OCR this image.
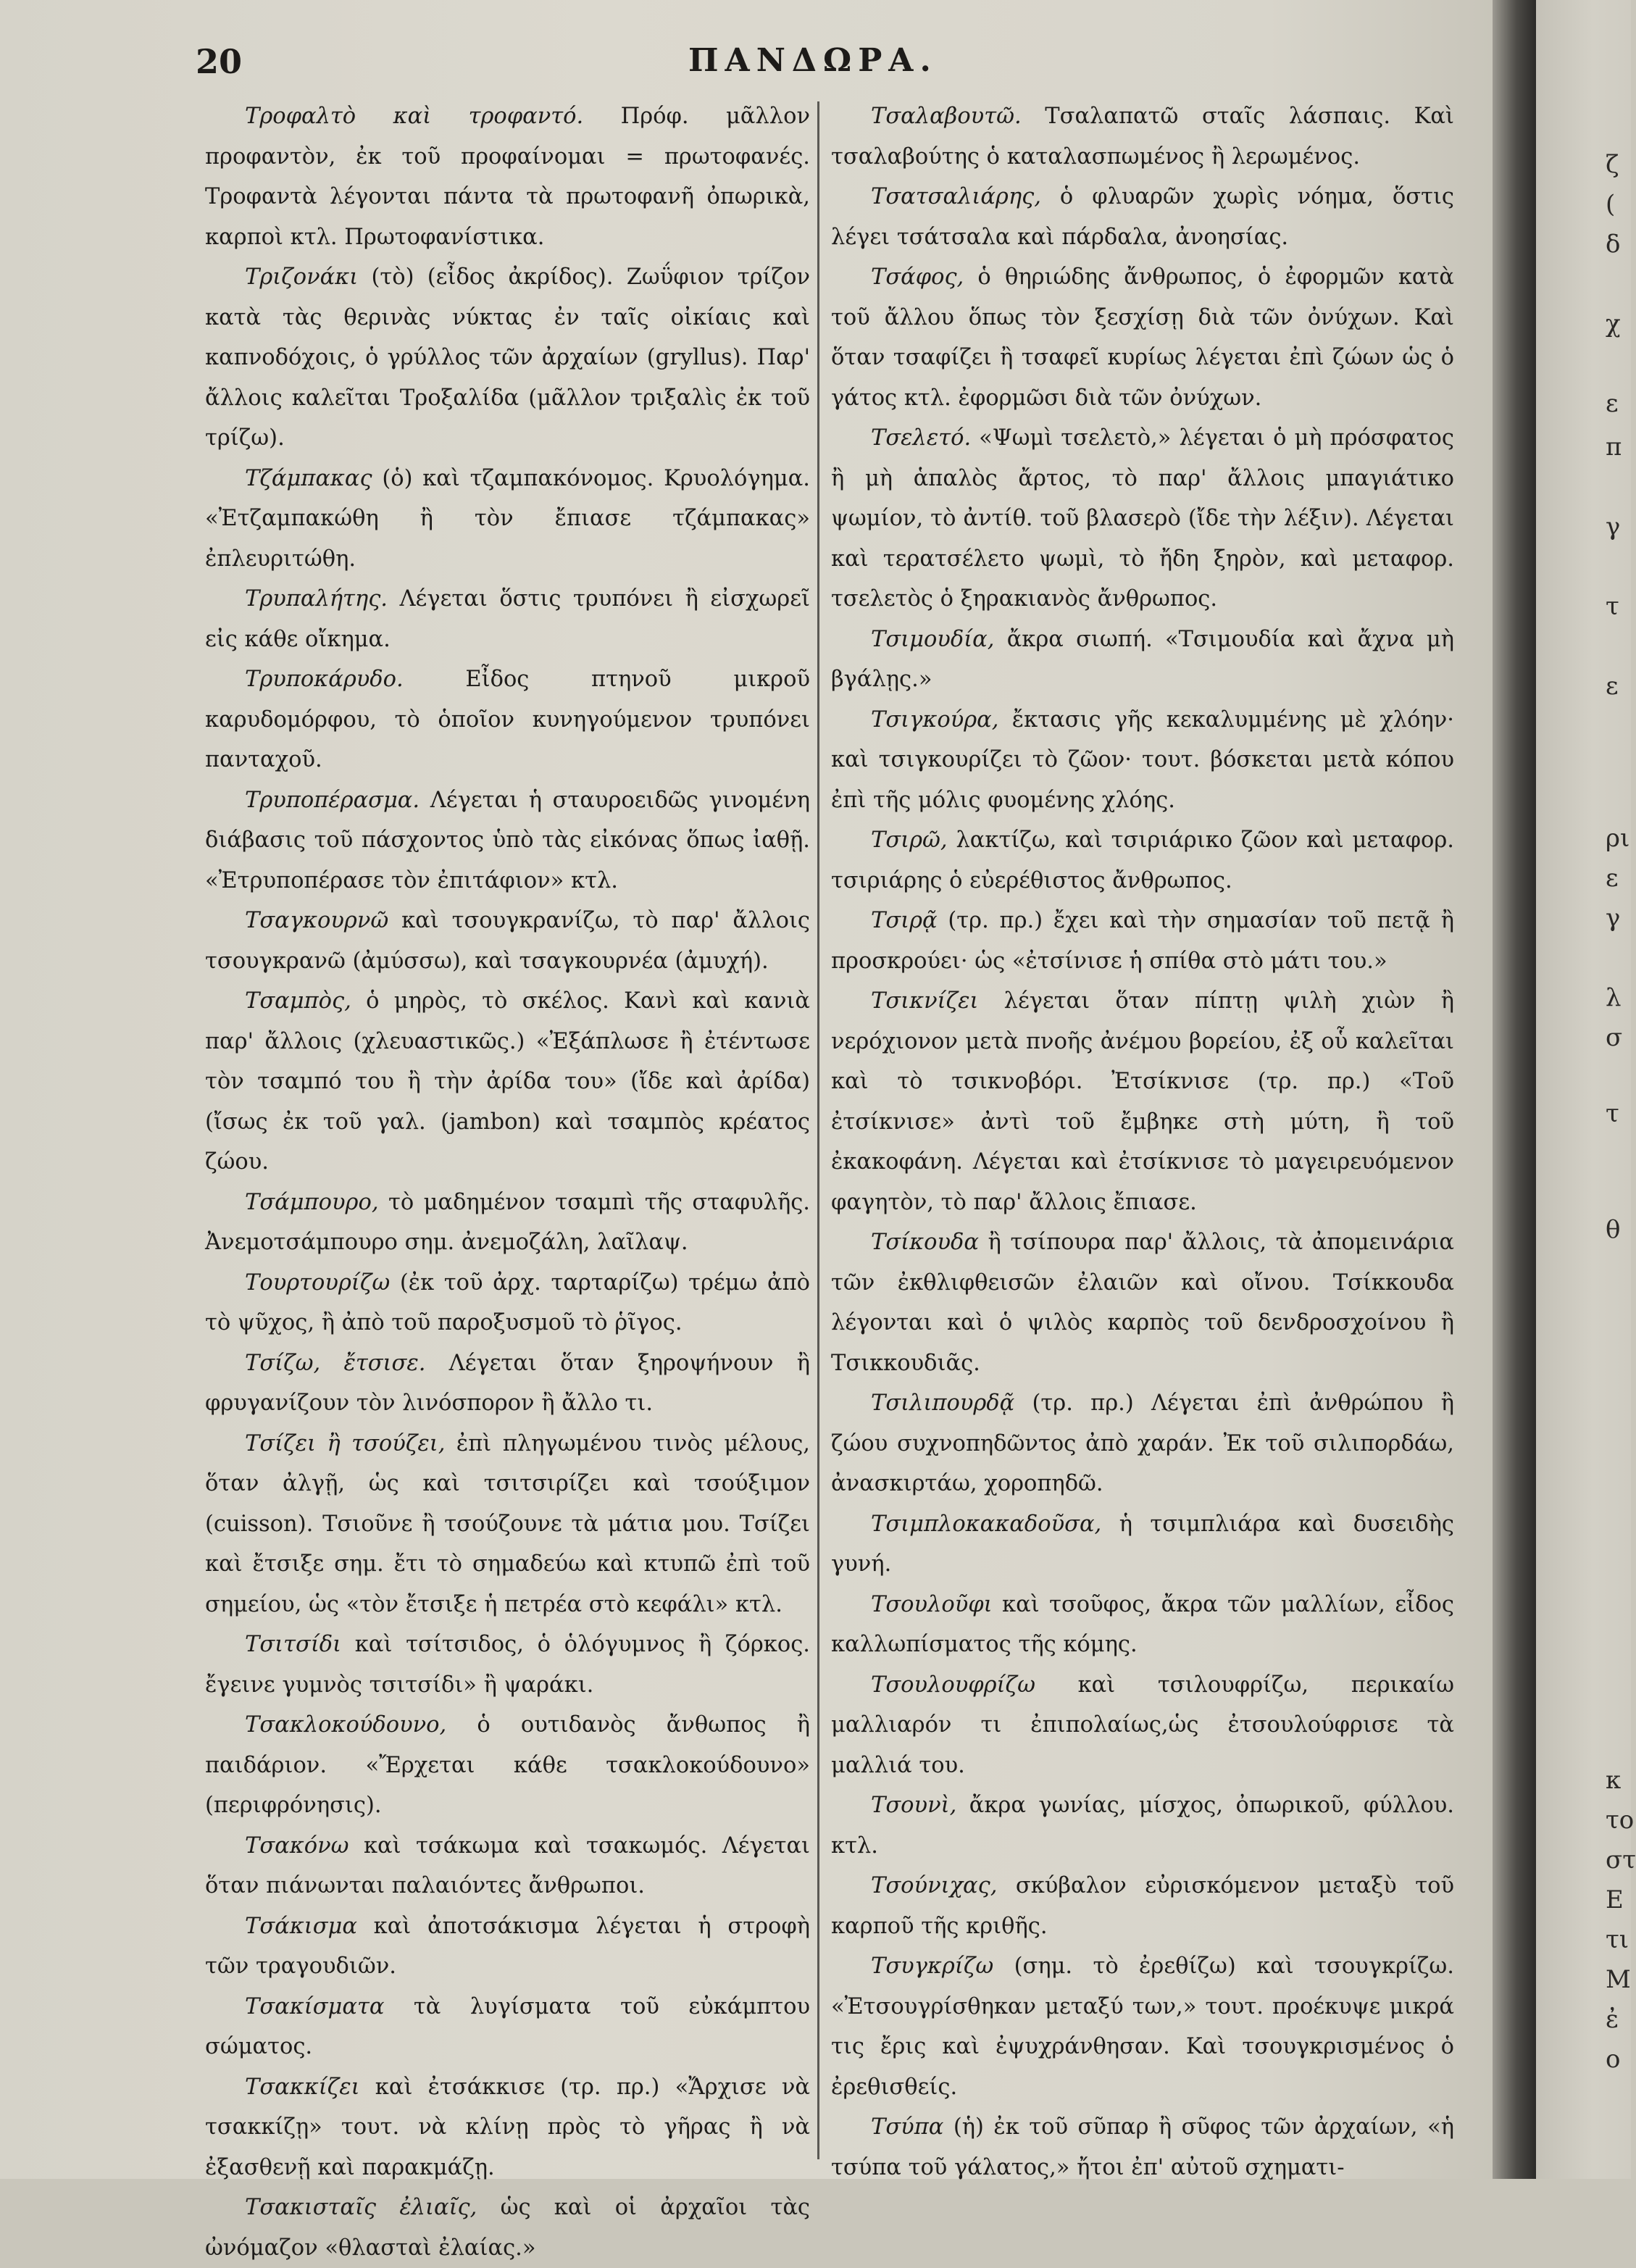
20	ΠΑΝΔΩΡΑ.

Τροφαλτὸ καὶ τροφαντό. Πρόφ. μᾶλλον προφαντὸν, ἐκ τοῦ προφαίνομαι = πρωτοφανές. Τροφαντὰ λέγονται πάντα τὰ πρωτοφανῆ ὀπωρικὰ, καρποὶ κτλ. Πρωτοφανίστικα.

Τριζονάκι (τὸ) (εἶδος ἀκρίδος). Ζωΰφιον τρίζον κατὰ τὰς θερινὰς νύκτας ἐν ταῖς οἰκίαις καὶ καπνοδόχοις, ὁ γρύλλος τῶν ἀρχαίων (gryllus). Παρ' ἄλλοις καλεῖται Τροξαλίδα (μᾶλλον τριξαλὶς ἐκ τοῦ τρίζω).

Τζάμπακας (ὁ) καὶ τζαμπακόνομος. Κρυολόγημα. «Ἐτζαμπακώθη ἢ τὸν ἔπιασε τζάμπακας» ἐπλευριτώθη.

Τρυπαλήτης. Λέγεται ὅστις τρυπόνει ἢ εἰσχωρεῖ εἰς κάθε οἴκημα.

Τρυποκάρυδο. Εἶδος πτηνοῦ μικροῦ καρυδομόρφου, τὸ ὁποῖον κυνηγούμενον τρυπόνει πανταχοῦ.

Τρυποπέρασμα. Λέγεται ἡ σταυροειδῶς γινομένη διάβασις τοῦ πάσχοντος ὑπὸ τὰς εἰκόνας ὅπως ἰαθῇ. «Ἐτρυποπέρασε τὸν ἐπιτάφιον» κτλ.

Τσαγκουρνῶ καὶ τσουγκρανίζω, τὸ παρ' ἄλλοις τσουγκρανῶ (ἀμύσσω), καὶ τσαγκουρνέα (ἀμυχή).

Τσαμπὸς, ὁ μηρὸς, τὸ σκέλος. Κανὶ καὶ κανιὰ παρ' ἄλλοις (χλευαστικῶς.) «Ἐξάπλωσε ἢ ἐτέντωσε τὸν τσαμπό του ἢ τὴν ἀρίδα του» (ἴδε καὶ ἀρίδα) (ἴσως ἐκ τοῦ γαλ. (jambon) καὶ τσαμπὸς κρέατος ζώου.

Τσάμπουρο, τὸ μαδημένον τσαμπὶ τῆς σταφυλῆς. Ἀνεμοτσάμπουρο σημ. ἀνεμοζάλη, λαῖλαψ.

Τουρτουρίζω (ἐκ τοῦ ἀρχ. ταρταρίζω) τρέμω ἀπὸ τὸ ψῦχος, ἢ ἀπὸ τοῦ παροξυσμοῦ τὸ ῥῖγος.

Τσίζω, ἔτσισε. Λέγεται ὅταν ξηροψήνουν ἢ φρυγανίζουν τὸν λινόσπορον ἢ ἄλλο τι.

Τσίζει ἢ τσούζει, ἐπὶ πληγωμένου τινὸς μέλους, ὅταν ἀλγῇ, ὡς καὶ τσιτσιρίζει καὶ τσούξιμον (cuisson). Τσιοῦνε ἢ τσούζουνε τὰ μάτια μου. Τσίζει καὶ ἔτσιξε σημ. ἔτι τὸ σημαδεύω καὶ κτυπῶ ἐπὶ τοῦ σημείου, ὡς «τὸν ἔτσιξε ἡ πετρέα στὸ κεφάλι» κτλ.

Τσιτσίδι καὶ τσίτσιδος, ὁ ὁλόγυμνος ἢ ζόρκος. ἔγεινε γυμνὸς τσιτσίδι» ἢ ψαράκι.

Τσακλοκούδουνο, ὁ ουτιδανὸς ἄνθωπος ἢ παιδάριον. «Ἔρχεται κάθε τσακλοκούδουνο» (περιφρόνησις).

Τσακόνω καὶ τσάκωμα καὶ τσακωμός. Λέγεται ὅταν πιάνωνται παλαιόντες ἄνθρωποι.

Τσάκισμα καὶ ἀποτσάκισμα λέγεται ἡ στροφὴ τῶν τραγουδιῶν.

Τσακίσματα τὰ λυγίσματα τοῦ εὐκάμπτου σώματος.

Τσακκίζει καὶ ἐτσάκκισε (τρ. πρ.) «Ἄρχισε νὰ τσακκίζῃ» τουτ. νὰ κλίνῃ πρὸς τὸ γῆρας ἢ νὰ ἐξασθενῇ καὶ παρακμάζῃ.

Τσακισταῖς ἐλιαῖς, ὡς καὶ οἱ ἀρχαῖοι τὰς ὠνόμαζον «θλασταὶ ἐλαίας.»

Τσαλαβουτῶ. Τσαλαπατῶ σταῖς λάσπαις. Καὶ τσαλαβούτης ὁ καταλασπωμένος ἢ λερωμένος.

Τσατσαλιάρης, ὁ φλυαρῶν χωρὶς νόημα, ὅστις λέγει τσάτσαλα καὶ πάρδαλα, ἀνοησίας.

Τσάφος, ὁ θηριώδης ἄνθρωπος, ὁ ἐφορμῶν κατὰ τοῦ ἄλλου ὅπως τὸν ξεσχίσῃ διὰ τῶν ὀνύχων. Καὶ ὅταν τσαφίζει ἢ τσαφεῖ κυρίως λέγεται ἐπὶ ζώων ὡς ὁ γάτος κτλ. ἐφορμῶσι διὰ τῶν ὀνύχων.

Τσελετό. «Ψωμὶ τσελετὸ,» λέγεται ὁ μὴ πρόσφατος ἢ μὴ ἁπαλὸς ἄρτος, τὸ παρ' ἄλλοις μπαγιάτικο ψωμίον, τὸ ἀντίθ. τοῦ βλασερὸ (ἴδε τὴν λέξιν). Λέγεται καὶ τερατσέλετο ψωμὶ, τὸ ἤδη ξηρὸν, καὶ μεταφορ. τσελετὸς ὁ ξηρακιανὸς ἄνθρωπος.

Τσιμουδία, ἄκρα σιωπή. «Τσιμουδία καὶ ἄχνα μὴ βγάλῃς.»

Τσιγκούρα, ἔκτασις γῆς κεκαλυμμένης μὲ χλόην· καὶ τσιγκουρίζει τὸ ζῶον· τουτ. βόσκεται μετὰ κόπου ἐπὶ τῆς μόλις φυομένης χλόης.

Τσιρῶ, λακτίζω, καὶ τσιριάρικο ζῶον καὶ μεταφορ. τσιριάρης ὁ εὐερέθιστος ἄνθρωπος.

Τσιρᾷ (τρ. πρ.) ἔχει καὶ τὴν σημασίαν τοῦ πετᾷ ἢ προσκρούει· ὡς «ἐτσίνισε ἡ σπίθα στὸ μάτι του.»

Τσικνίζει λέγεται ὅταν πίπτῃ ψιλὴ χιὼν ἢ νερόχιονον μετὰ πνοῆς ἀνέμου βορείου, ἐξ οὗ καλεῖται καὶ τὸ τσικνοβόρι. Ἐτσίκνισε (τρ. πρ.) «Τοῦ ἐτσίκνισε» ἀντὶ τοῦ ἔμβηκε στὴ μύτη, ἢ τοῦ ἐκακοφάνη. Λέγεται καὶ ἐτσίκνισε τὸ μαγειρευόμενον φαγητὸν, τὸ παρ' ἄλλοις ἔπιασε.

Τσίκουδα ἢ τσίπουρα παρ' ἄλλοις, τὰ ἀπομεινάρια τῶν ἐκθλιφθεισῶν ἐλαιῶν καὶ οἴνου. Τσίκκουδα λέγονται καὶ ὁ ψιλὸς καρπὸς τοῦ δενδροσχοίνου ἢ Τσικκουδιᾶς.

Τσιλιπουρδᾷ (τρ. πρ.) Λέγεται ἐπὶ ἀνθρώπου ἢ ζώου συχνοπηδῶντος ἀπὸ χαράν. Ἐκ τοῦ σιλιπορδάω, ἀνασκιρτάω, χοροπηδῶ.

Τσιμπλοκακαδοῦσα, ἡ τσιμπλιάρα καὶ δυσειδὴς γυνή.

Τσουλοῦφι καὶ τσοῦφος, ἄκρα τῶν μαλλίων, εἶδος καλλωπίσματος τῆς κόμης.

Τσουλουφρίζω καὶ τσιλουφρίζω, περικαίω μαλλιαρόν τι ἐπιπολαίως,ὡς ἐτσουλούφρισε τὰ μαλλιά του.

Τσουνὶ, ἄκρα γωνίας, μίσχος, ὀπωρικοῦ, φύλλου. κτλ.

Τσούνιχας, σκύβαλον εὐρισκόμενον μεταξὺ τοῦ καρποῦ τῆς κριθῆς.

Τσυγκρίζω (σημ. τὸ ἐρεθίζω) καὶ τσουγκρίζω. «Ἐτσουγρίσθηκαν μεταξύ των,» τουτ. προέκυψε μικρά τις ἔρις καὶ ἐψυχράνθησαν. Καὶ τσουγκρισμένος ὁ ἐρεθισθείς.

Τσύπα (ἡ) ἐκ τοῦ σῦπαρ ἢ σῦφος τῶν ἀρχαίων, «ἡ τσύπα τοῦ γάλατος,» ἤτοι ἐπ' αὐτοῦ σχηματι-

ζ
(
δ
χ
ε
π
γ
τ
ε
ρι
ε
γ
λ
σ
τ
θ
κ
το
στ
Ε
τι
Μ
ἐ
ο
